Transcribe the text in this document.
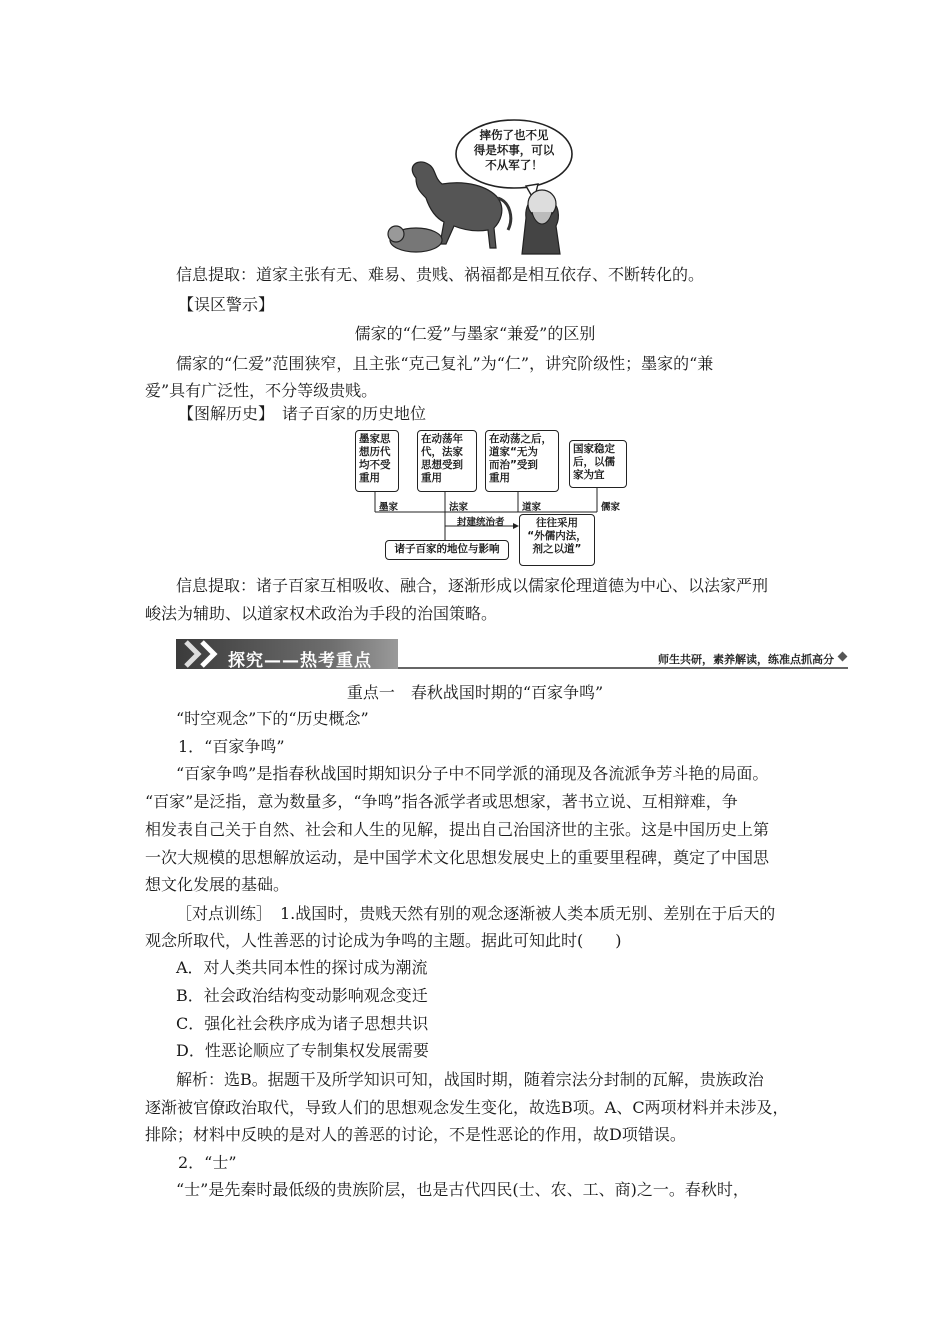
摔伤了也不见
得是坏事，可以
不从军了！
信息提取：道家主张有无、难易、贵贱、祸福都是相互依存、不断转化的。
【误区警示】
儒家的“仁爱”与墨家“兼爱”的区别
儒家的“仁爱”范围狭窄，且主张“克己复礼”为“仁”，讲究阶级性；墨家的“兼
爱”具有广泛性，不分等级贵贱。
【图解历史】　诸子百家的历史地位
墨家思
想历代
均不受
重用
在动荡年
代，法家
思想受到
重用
在动荡之后，
道家“无为
而治”受到
重用
国家稳定
后，以儒
家为宜
墨家	法家	道家	儒家
封建统治者	往往采用
“外儒内法，
剂之以道”
诸子百家的地位与影响
信息提取：诸子百家互相吸收、融合，逐渐形成以儒家伦理道德为中心、以法家严刑
峻法为辅助、以道家权术政治为手段的治国策略。
探究——热考重点	师生共研，素养解读，练准点抓高分
重点一　春秋战国时期的“百家争鸣”
“时空观念”下的“历史概念”
1．“百家争鸣”
“百家争鸣”是指春秋战国时期知识分子中不同学派的涌现及各流派争芳斗艳的局面。
“百家”是泛指，意为数量多，“争鸣”指各派学者或思想家，著书立说、互相辩难，争
相发表自己关于自然、社会和人生的见解，提出自己治国济世的主张。这是中国历史上第
一次大规模的思想解放运动，是中国学术文化思想发展史上的重要里程碑，奠定了中国思
想文化发展的基础。
［对点训练］　1.战国时，贵贱天然有别的观念逐渐被人类本质无别、差别在于后天的
观念所取代，人性善恶的讨论成为争鸣的主题。据此可知此时(　　)
A．对人类共同本性的探讨成为潮流
B．社会政治结构变动影响观念变迁
C．强化社会秩序成为诸子思想共识
D．性恶论顺应了专制集权发展需要
解析：选B。据题干及所学知识可知，战国时期，随着宗法分封制的瓦解，贵族政治
逐渐被官僚政治取代，导致人们的思想观念发生变化，故选B项。A、C两项材料并未涉及，
排除；材料中反映的是对人的善恶的讨论，不是性恶论的作用，故D项错误。
2．“士”
“士”是先秦时最低级的贵族阶层，也是古代四民(士、农、工、商)之一。春秋时，
